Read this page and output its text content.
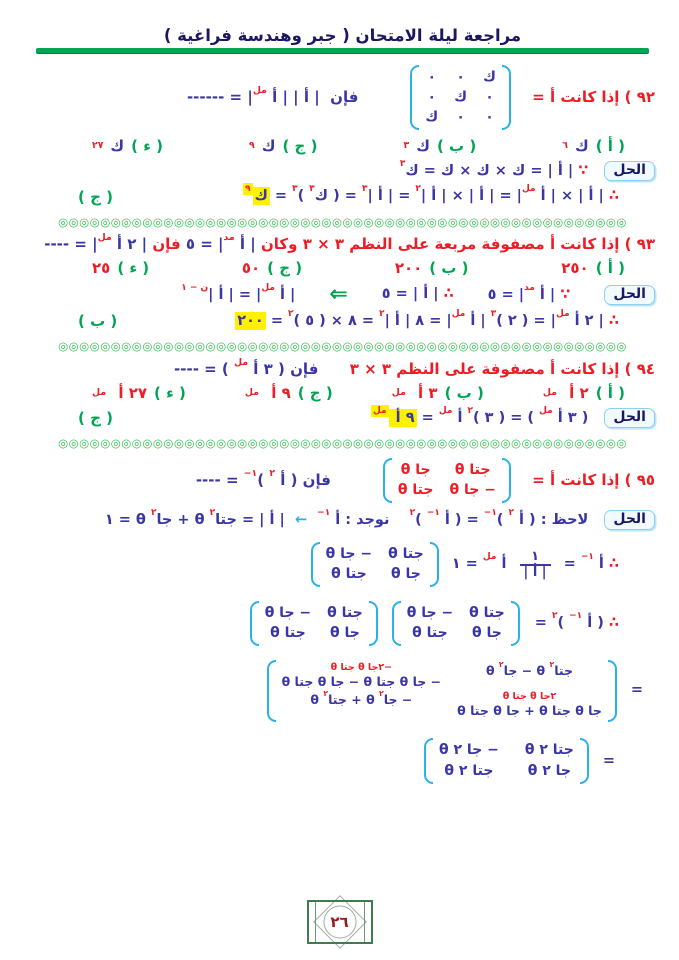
مراجعة ليلة الامتحان ( جبر وهندسة فراغية )
٩٢ ) إذا كانت أ =
ك
٠
٠
٠
ك
٠
٠
٠
ك
فإن  | أ | | أ $^{مل}$| = ------
( أ )
ك
٦
( ب )
ك
٣
( ج )
ك
٩
( ء )
ك
٢٧
الحل
∵ | أ | = ك × ك × ك = ك$^٣$
∴ | أ | × | أ $^{مل}$| = | أ | × | أ $|^٢$ = | أ $|^٣$ = ( ك$^٣$ )$^٣$ = ك$^٩$
( ج )
◎◎◎◎◎◎◎◎◎◎◎◎◎◎◎◎◎◎◎◎◎◎◎◎◎◎◎◎◎◎◎◎◎◎◎◎◎◎◎◎◎◎◎◎◎◎◎◎◎◎◎◎◎◎
٩٣ ) إذا كانت أ مصفوفة مربعة على النظم ٣ × ٣ وكان | أ $^{مد}$| = ٥ فإن | ٢ أ $^{مل}$| = ----
( أ )
٢٥٠
( ب )
٢٠٠
( ج )
٥٠
( ء )
٢٥
الحل
∵ | أ $^{مد}$| = ٥
∴ | أ | = ٥
⇐
| أ $^{مل}$| = | أ $|^{ن - ١}$
∴ | ٢ أ $^{مل}$| = ( ٢ )$^٣$ | أ $^{مل}$| = ٨ | أ $|^٢$ = ٨ × ( ٥ )$^٢$ = ٢٠٠
( ب )
◎◎◎◎◎◎◎◎◎◎◎◎◎◎◎◎◎◎◎◎◎◎◎◎◎◎◎◎◎◎◎◎◎◎◎◎◎◎◎◎◎◎◎◎◎◎◎◎◎◎◎◎◎◎
٩٤ ) إذا كانت أ مصفوفة على النظم ٣ × ٣      فإن ( ٣ أ $^{مل}$ ) = ----
( أ )
٢ أ
مل
( ب )
٣ أ
مل
( ج )
٩ أ
مل
( ء )
٢٧ أ
مل
الحل
( ٣ أ $^{مل}$ ) = ( ٣ )$^٢$ أ $^{مل}$ = ٩ أ $^{مل}$
( ج )
◎◎◎◎◎◎◎◎◎◎◎◎◎◎◎◎◎◎◎◎◎◎◎◎◎◎◎◎◎◎◎◎◎◎◎◎◎◎◎◎◎◎◎◎◎◎◎◎◎◎◎◎◎◎
٩٥ ) إذا كانت أ =
جتا θ
جا θ
− جا θ
جتا θ
فإن ( أ $^٢$ )$^{-١}$ = ----
الحل
لاحظ : ( أ $^٢$ )$^{-١}$ = ( أ $^{-١}$ )$^٢$    نوجد : أ $^{-١}$  ←  | أ | = جتا$^٢$ θ + جا$^٢$ θ = ١
∴ أ $^{-١}$ =
$\frac{١}{\text{| أ |}}$
أ $^{مل}$ = ١
جتا θ
− جا θ
جا θ
جتا θ
∴ ( أ $^{-١}$ )$^٢$ =
جتا θ
− جا θ
جا θ
جتا θ
جتا θ
− جا θ
جا θ
جتا θ
=
جتا$^٢$ θ − جا$^٢$ θ
−٢جا θ جتا θ
− جا θ جتا θ − جا θ جتا θ
٢جا θ جتا θ
جا θ جتا θ + جا θ جتا θ
− جا$^٢$ θ + جتا$^٢$ θ
=
جتا ٢ θ
− جا ٢ θ
جا ٢ θ
جتا ٢ θ
٢٦
